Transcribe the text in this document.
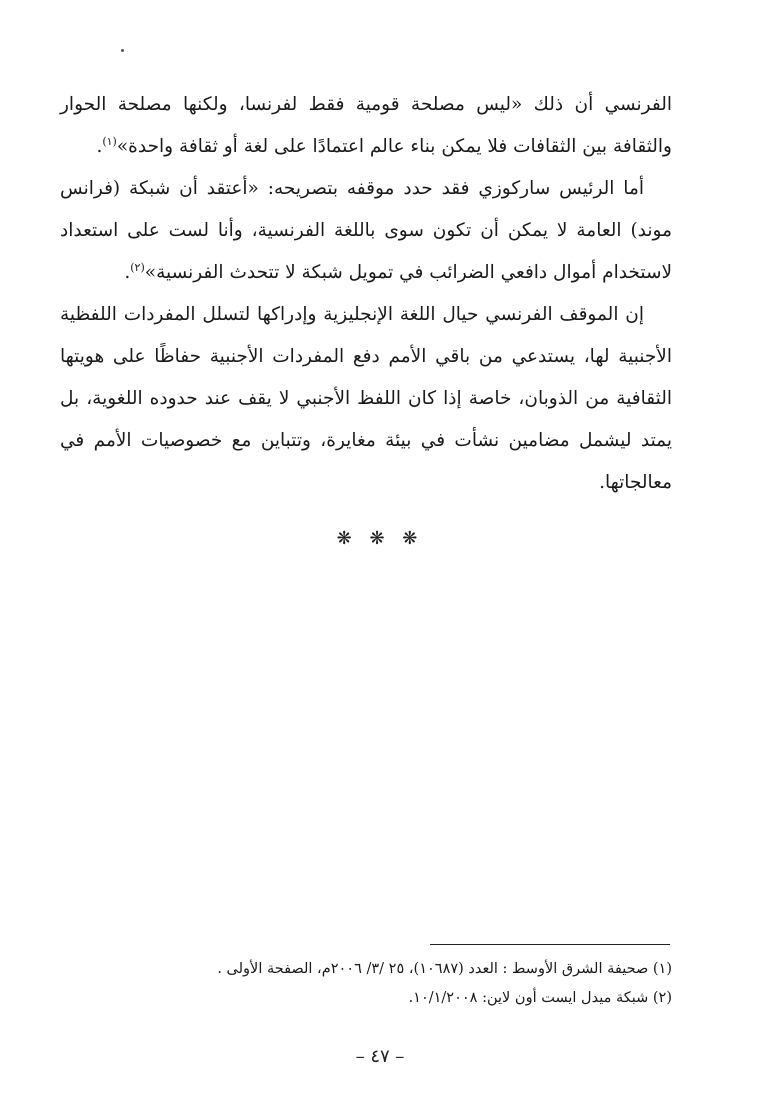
الفرنسي أن ذلك «ليس مصلحة قومية فقط لفرنسا، ولكنها مصلحة الحوار والثقافة بين الثقافات فلا يمكن بناء عالم اعتمادًا على لغة أو ثقافة واحدة»$^{(١)}$.

أما الرئيس ساركوزي فقد حدد موقفه بتصريحه: «أعتقد أن شبكة (فرانس موند) العامة لا يمكن أن تكون سوى باللغة الفرنسية، وأنا لست على استعداد لاستخدام أموال دافعي الضرائب في تمويل شبكة لا تتحدث الفرنسية»$^{(٢)}$.

إن الموقف الفرنسي حيال اللغة الإنجليزية وإدراكها لتسلل المفردات اللفظية الأجنبية لها، يستدعي من باقي الأمم دفع المفردات الأجنبية حفاظًا على هويتها الثقافية من الذوبان، خاصة إذا كان اللفظ الأجنبي لا يقف عند حدوده اللغوية، بل يمتد ليشمل مضامين نشأت في بيئة مغايرة، وتتباين مع خصوصيات الأمم في معالجاتها.

❋ ❋ ❋

(١) صحيفة الشرق الأوسط : العدد (١٠٦٨٧)، ٢٥ /٣/ ٢٠٠٦م، الصفحة الأولى .

(٢) شبكة ميدل ايست أون لاين: ١٠/١/٢٠٠٨.

– ٤٧ –
